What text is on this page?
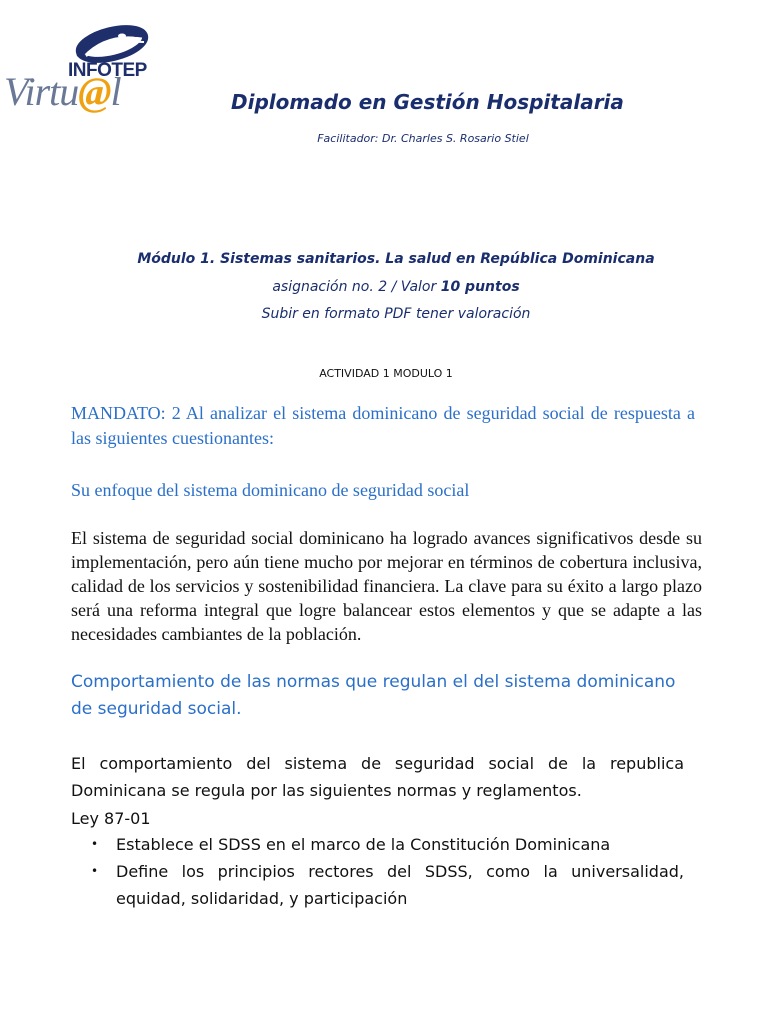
INFOTEP
Virtu@l	Diplomado en Gestión Hospitalaria
Facilitador: Dr. Charles S. Rosario Stiel
Módulo 1. Sistemas sanitarios. La salud en República Dominicana
asignación no. 2 / Valor 10 puntos
Subir en formato PDF tener valoración
ACTIVIDAD 1 MODULO 1

MANDATO: 2 Al analizar el sistema dominicano de seguridad social de respuesta a las siguientes cuestionantes:

Su enfoque del sistema dominicano de seguridad social

El sistema de seguridad social dominicano ha logrado avances significativos desde su implementación, pero aún tiene mucho por mejorar en términos de cobertura inclusiva, calidad de los servicios y sostenibilidad financiera. La clave para su éxito a largo plazo será una reforma integral que logre balancear estos elementos y que se adapte a las necesidades cambiantes de la población.

Comportamiento de las normas que regulan el del sistema dominicano de seguridad social.

El comportamiento del sistema de seguridad social de la republica Dominicana se regula por las siguientes normas y reglamentos.

Ley 87-01
• Establece el SDSS en el marco de la Constitución Dominicana
• Define los principios rectores del SDSS, como la universalidad, equidad, solidaridad, y participación
